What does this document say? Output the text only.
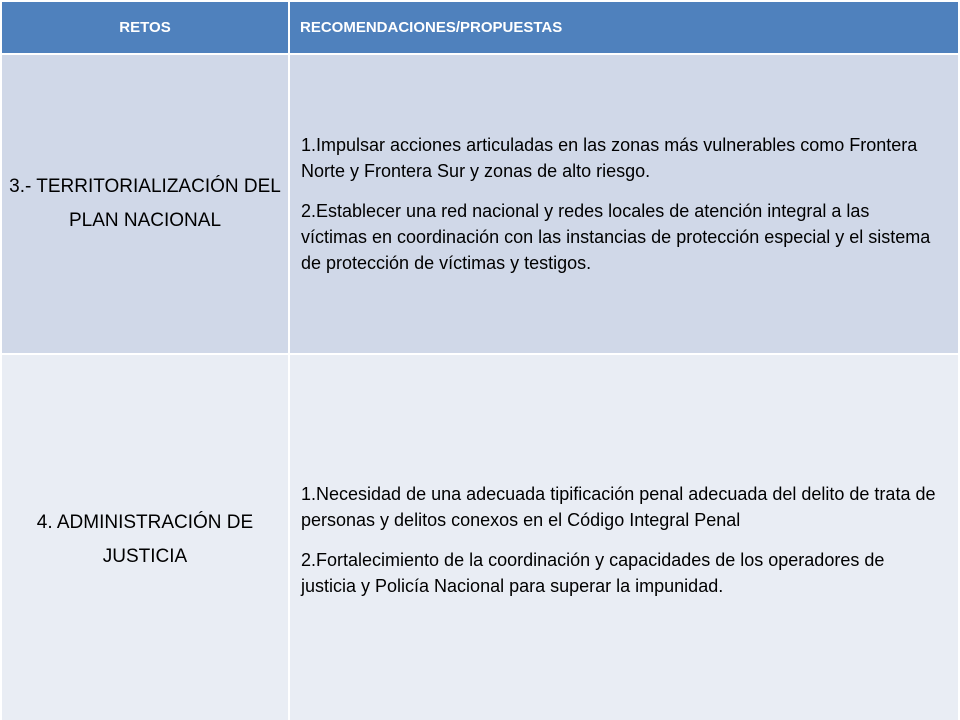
RETOS	RECOMENDACIONES/PROPUESTAS
3.- TERRITORIALIZACIÓN DEL PLAN NACIONAL	1.Impulsar acciones articuladas en las zonas más vulnerables como Frontera Norte y Frontera Sur y zonas de alto riesgo.

2.Establecer una red nacional y redes locales de atención integral a las víctimas en coordinación con las instancias de protección especial y el sistema de protección de víctimas y testigos.

4. ADMINISTRACIÓN DE JUSTICIA	1.Necesidad de una adecuada tipificación penal adecuada del delito de trata de personas y delitos conexos en el Código Integral Penal

2.Fortalecimiento de la coordinación y capacidades de los operadores de justicia y Policía Nacional para superar la impunidad.
